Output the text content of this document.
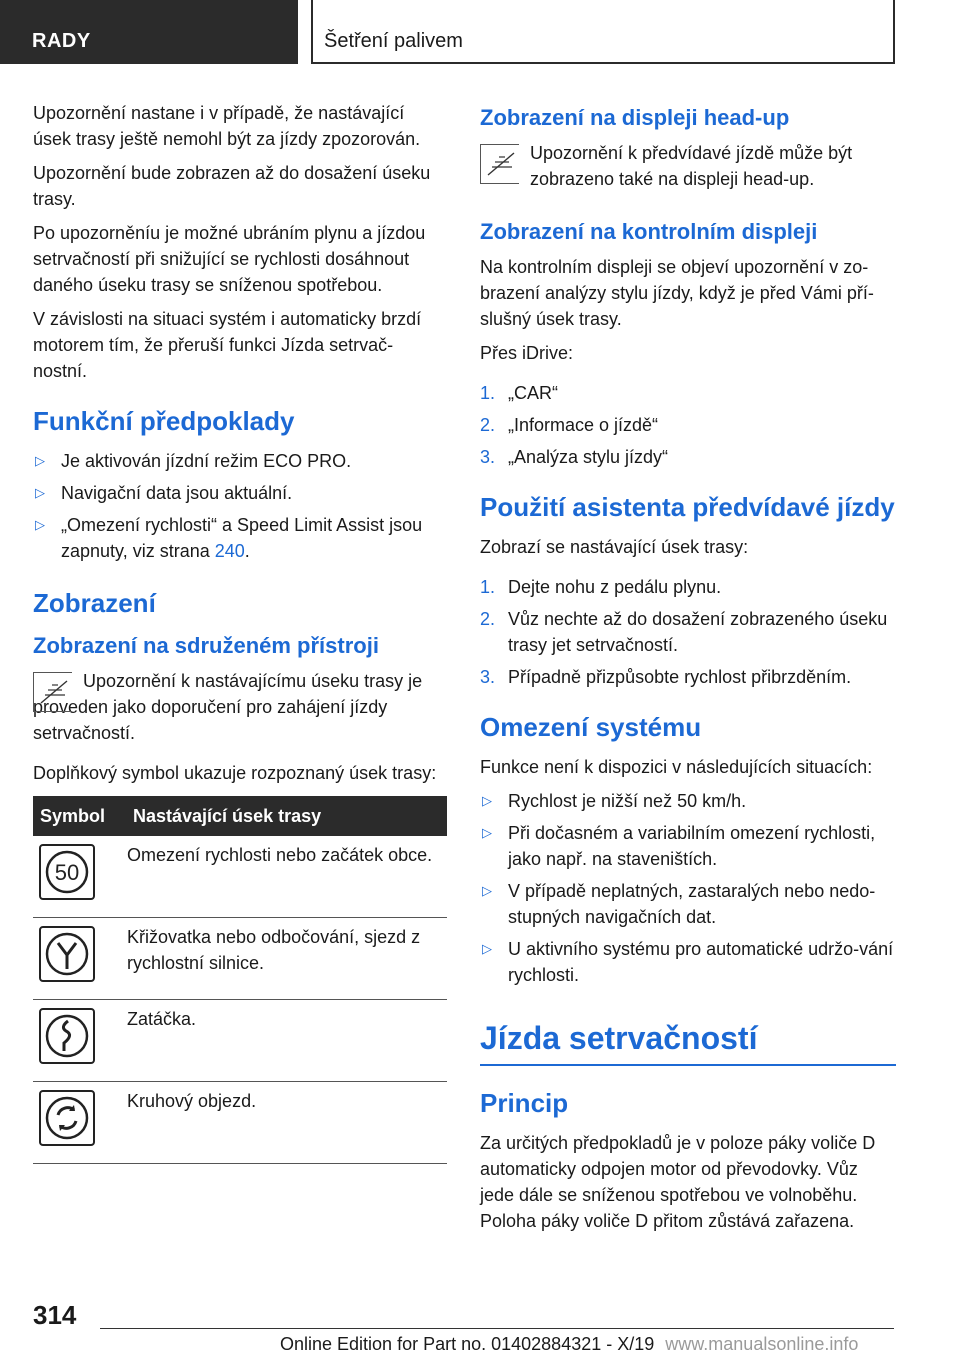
RADY	Šetření palivem

Upozornění nastane i v případě, že nastávající úsek trasy ještě nemohl být za jízdy zpozorován.

Upozornění bude zobrazen až do dosažení úseku trasy.

Po upozorněníu je možné ubráním plynu a jízdou setrvačností při snižující se rychlosti dosáhnout daného úseku trasy se sníženou spotřebou.

V závislosti na situaci systém i automaticky brzdí motorem tím, že přeruší funkci Jízda setrvač‐nostní.

Funkční předpoklady
▷ Je aktivován jízdní režim ECO PRO.
▷ Navigační data jsou aktuální.
▷ „Omezení rychlosti“ a Speed Limit Assist jsou zapnuty, viz strana 240.
Zobrazení
Zobrazení na sdruženém přístroji

Upozornění k nastávajícímu úseku trasy je proveden jako doporučení pro zahájení jízdy setrvačností.

Doplňkový symbol ukazuje rozpoznaný úsek trasy:

Symbol	Nastávající úsek trasy

50	Omezení rychlosti nebo začátek obce.

	Křižovatka nebo odbočování, sjezd z rychlostní silnice.

	Zatáčka.

	Kruhový objezd.
Zobrazení na displeji head-up

Upozornění k předvídavé jízdě může být zobrazeno také na displeji head-up.

Zobrazení na kontrolním displeji

Na kontrolním displeji se objeví upozornění v zo‐brazení analýzy stylu jízdy, když je před Vámi pří‐slušný úsek trasy.

Přes iDrive:

1. „CAR“
2. „Informace o jízdě“
3. „Analýza stylu jízdy“
Použití asistenta předvídavé jízdy

Zobrazí se nastávající úsek trasy:

1. Dejte nohu z pedálu plynu.
2. Vůz nechte až do dosažení zobrazeného úseku trasy jet setrvačností.
3. Případně přizpůsobte rychlost přibrzděním.
Omezení systému

Funkce není k dispozici v následujících situacích:

▷ Rychlost je nižší než 50 km/h.
▷ Při dočasném a variabilním omezení rychlosti, jako např. na staveništích.
▷ V případě neplatných, zastaralých nebo nedo‐stupných navigačních dat.
▷ U aktivního systému pro automatické udržo‐vání rychlosti.
Jízda setrvačností
Princip

Za určitých předpokladů je v poloze páky voliče D automaticky odpojen motor od převodovky. Vůz jede dále se sníženou spotřebou ve volnoběhu. Poloha páky voliče D přitom zůstává zařazena.

314
Online Edition for Part no. 01402884321 - X/19 www.manualsonline.info
